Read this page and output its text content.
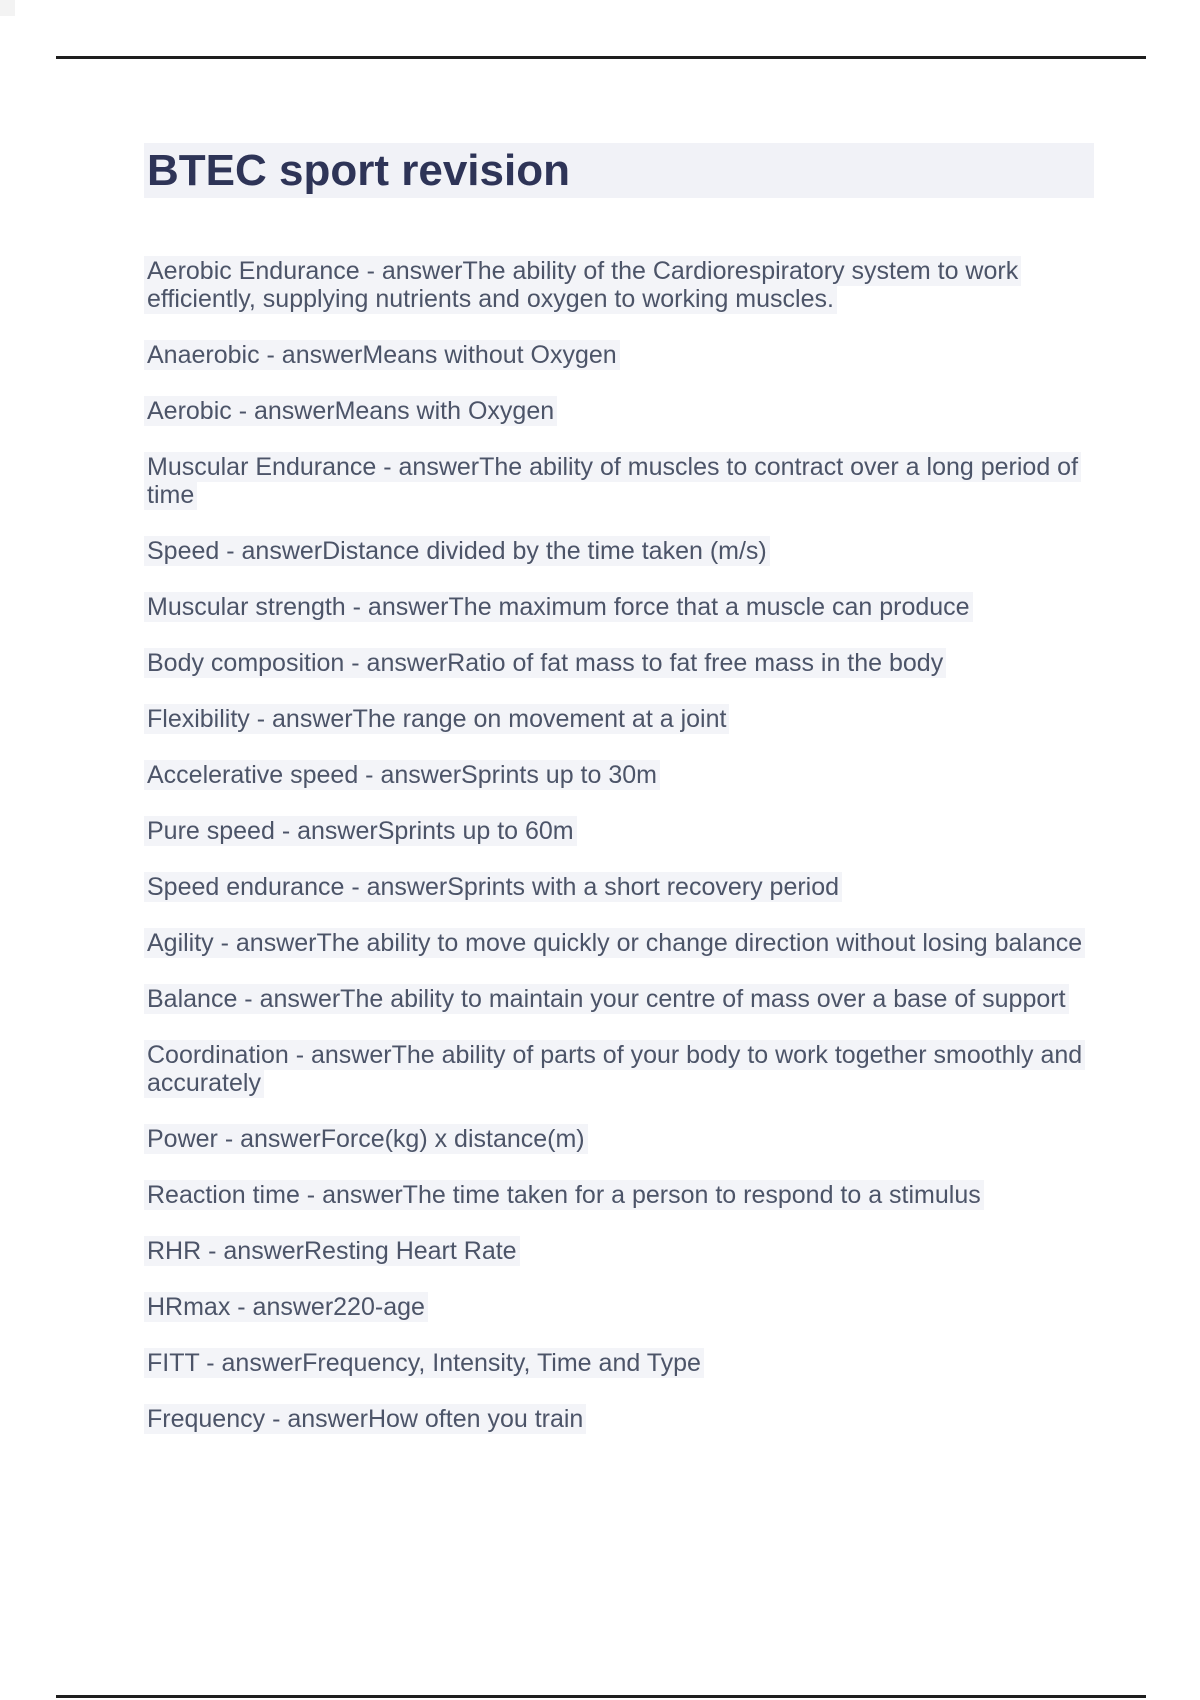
BTEC sport revision

Aerobic Endurance - answerThe ability of the Cardiorespiratory system to work efficiently, supplying nutrients and oxygen to working muscles.

Anaerobic - answerMeans without Oxygen

Aerobic - answerMeans with Oxygen

Muscular Endurance - answerThe ability of muscles to contract over a long period of time

Speed - answerDistance divided by the time taken (m/s)

Muscular strength - answerThe maximum force that a muscle can produce

Body composition - answerRatio of fat mass to fat free mass in the body

Flexibility - answerThe range on movement at a joint

Accelerative speed - answerSprints up to 30m

Pure speed - answerSprints up to 60m

Speed endurance - answerSprints with a short recovery period

Agility - answerThe ability to move quickly or change direction without losing balance

Balance - answerThe ability to maintain your centre of mass over a base of support

Coordination - answerThe ability of parts of your body to work together smoothly and accurately

Power - answerForce(kg) x distance(m)

Reaction time - answerThe time taken for a person to respond to a stimulus

RHR - answerResting Heart Rate

HRmax - answer220-age

FITT - answerFrequency, Intensity, Time and Type

Frequency - answerHow often you train
